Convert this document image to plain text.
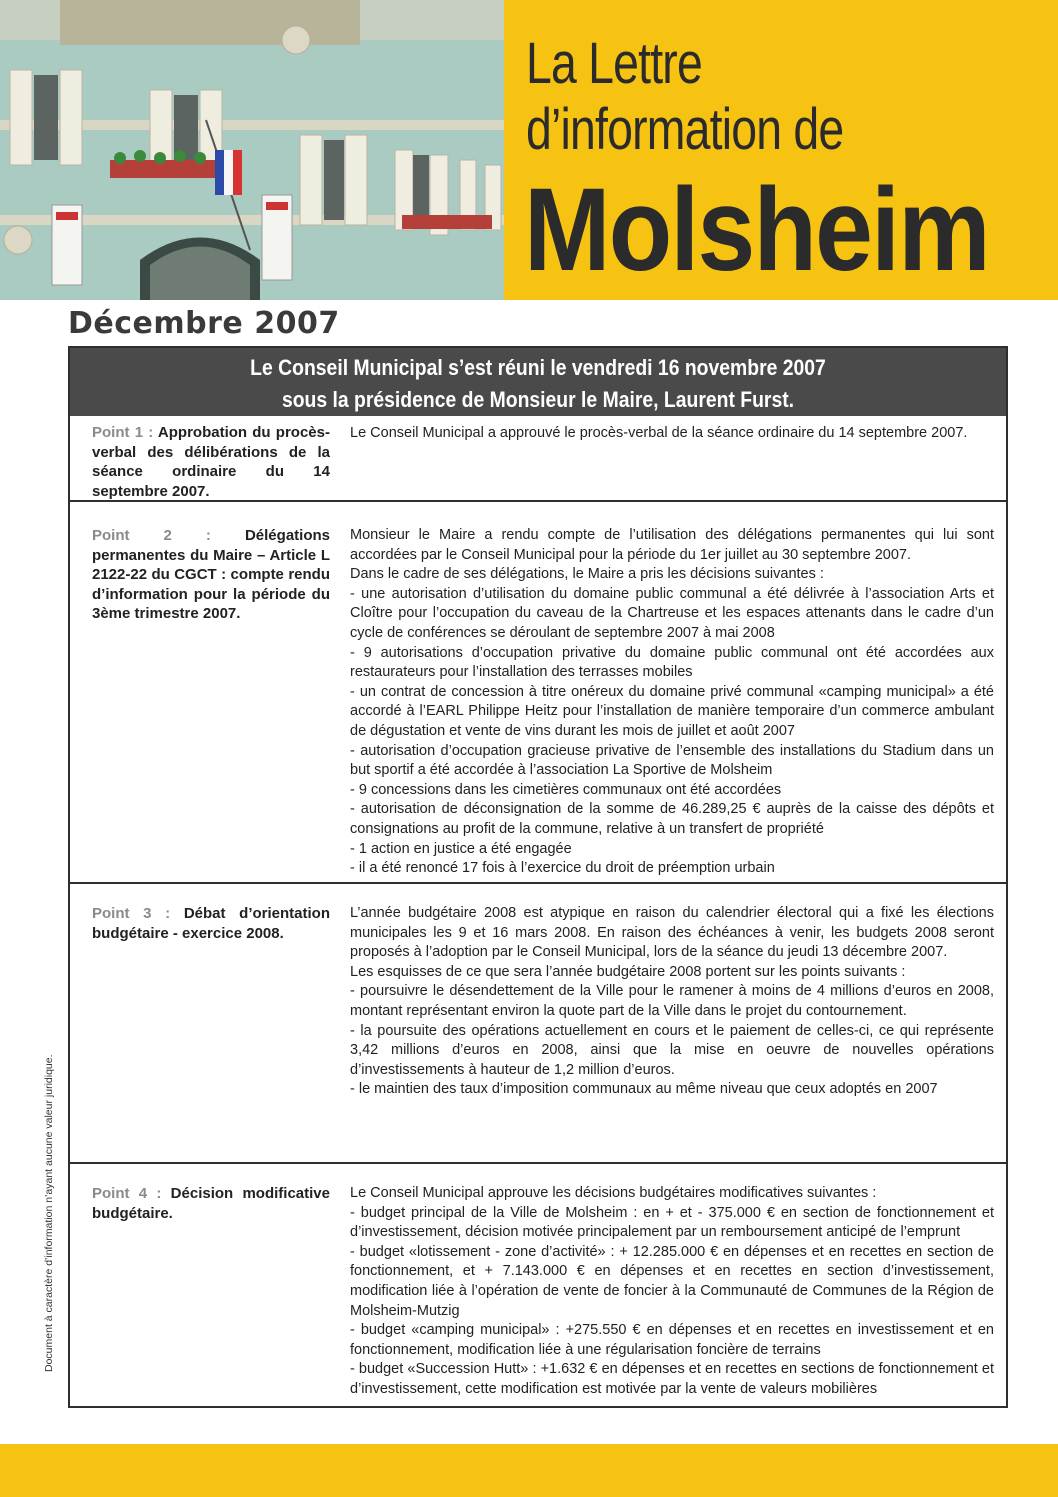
La Lettre
d’information de
Molsheim
Décembre 2007
Document à caractère d’information n’ayant aucune valeur juridique.
Le Conseil Municipal s’est réuni le vendredi 16 novembre 2007
sous la présidence de Monsieur le Maire, Laurent Furst.
Point 1 : Approbation du procès-verbal des délibérations de la séance ordinaire du 14 septembre 2007.

Le Conseil Municipal a approuvé le procès-verbal de la séance ordinaire du 14 septembre 2007.

Point 2 : Délégations permanentes du Maire – Article L 2122-22 du CGCT : compte rendu d’information pour la période du 3ème trimestre 2007.

Monsieur le Maire a rendu compte de l’utilisation des délégations permanentes qui lui sont accordées par le Conseil Municipal pour la période du 1er juillet au 30 septembre 2007.

Dans le cadre de ses délégations, le Maire a pris les décisions suivantes :

- une autorisation d’utilisation du domaine public communal a été délivrée à l’association Arts et Cloître pour l’occupation du caveau de la Chartreuse et les espaces attenants dans le cadre d’un cycle de conférences se déroulant de septembre 2007 à mai 2008

- 9 autorisations d’occupation privative du domaine public communal ont été accordées aux restaurateurs pour l’installation des terrasses mobiles

- un contrat de concession à titre onéreux du domaine privé communal «camping municipal» a été accordé à l’EARL Philippe Heitz pour l’installation de manière temporaire d’un commerce ambulant de dégustation et vente de vins durant les mois de juillet et août 2007

- autorisation d’occupation gracieuse privative de l’ensemble des installations du Stadium dans un but sportif a été accordée à l’association La Sportive de Molsheim

- 9 concessions dans les cimetières communaux ont été accordées

- autorisation de déconsignation de la somme de 46.289,25 € auprès de la caisse des dépôts et consignations au profit de la commune, relative à un transfert de propriété

- 1 action en justice a été engagée

- il a été renoncé 17 fois à l’exercice du droit de préemption urbain

Point 3 : Débat d’orientation budgétaire - exercice 2008.

L’année budgétaire 2008 est atypique en raison du calendrier électoral qui a fixé les élections municipales les 9 et 16 mars 2008. En raison des échéances à venir, les budgets 2008 seront proposés à l’adoption par le Conseil Municipal, lors de la séance du jeudi 13 décembre 2007.

Les esquisses de ce que sera l’année budgétaire 2008 portent sur les points suivants :

- poursuivre le désendettement de la Ville pour le ramener à moins de 4 millions d’euros en 2008, montant représentant environ la quote part de la Ville dans le projet du contournement.

- la poursuite des opérations actuellement en cours et le paiement de celles-ci, ce qui représente 3,42 millions d’euros en 2008, ainsi que la mise en oeuvre de nouvelles opérations d’investissements à hauteur de 1,2 million d’euros.

- le maintien des taux d’imposition communaux au même niveau que ceux adoptés en 2007

Point 4 : Décision modificative budgétaire.

Le Conseil Municipal approuve les décisions budgétaires modificatives suivantes :

- budget principal de la Ville de Molsheim : en + et - 375.000 € en section de fonctionnement et d’investissement, décision motivée principalement par un remboursement anticipé de l’emprunt

- budget «lotissement - zone d’activité» : + 12.285.000 € en dépenses et en recettes en section de fonctionnement, et + 7.143.000 € en dépenses et en recettes en section d’investissement, modification liée à l’opération de vente de foncier à la Communauté de Communes de la Région de Molsheim-Mutzig

- budget «camping municipal» : +275.550 € en dépenses et en recettes en investissement et en fonctionnement, modification liée à une régularisation foncière de terrains

- budget «Succession Hutt» : +1.632 € en dépenses et en recettes en sections de fonctionnement et d’investissement, cette modification est motivée par la vente de valeurs mobilières
